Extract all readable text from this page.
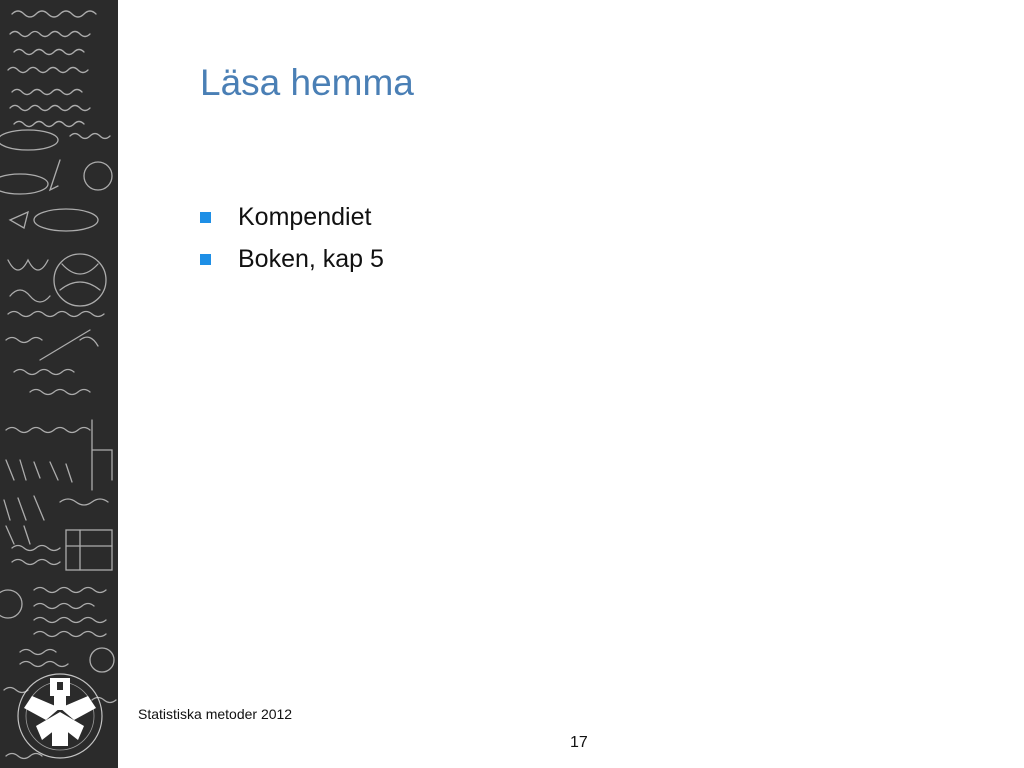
Läsa hemma
Kompendiet
Boken, kap 5
Statistiska metoder 2012
17
